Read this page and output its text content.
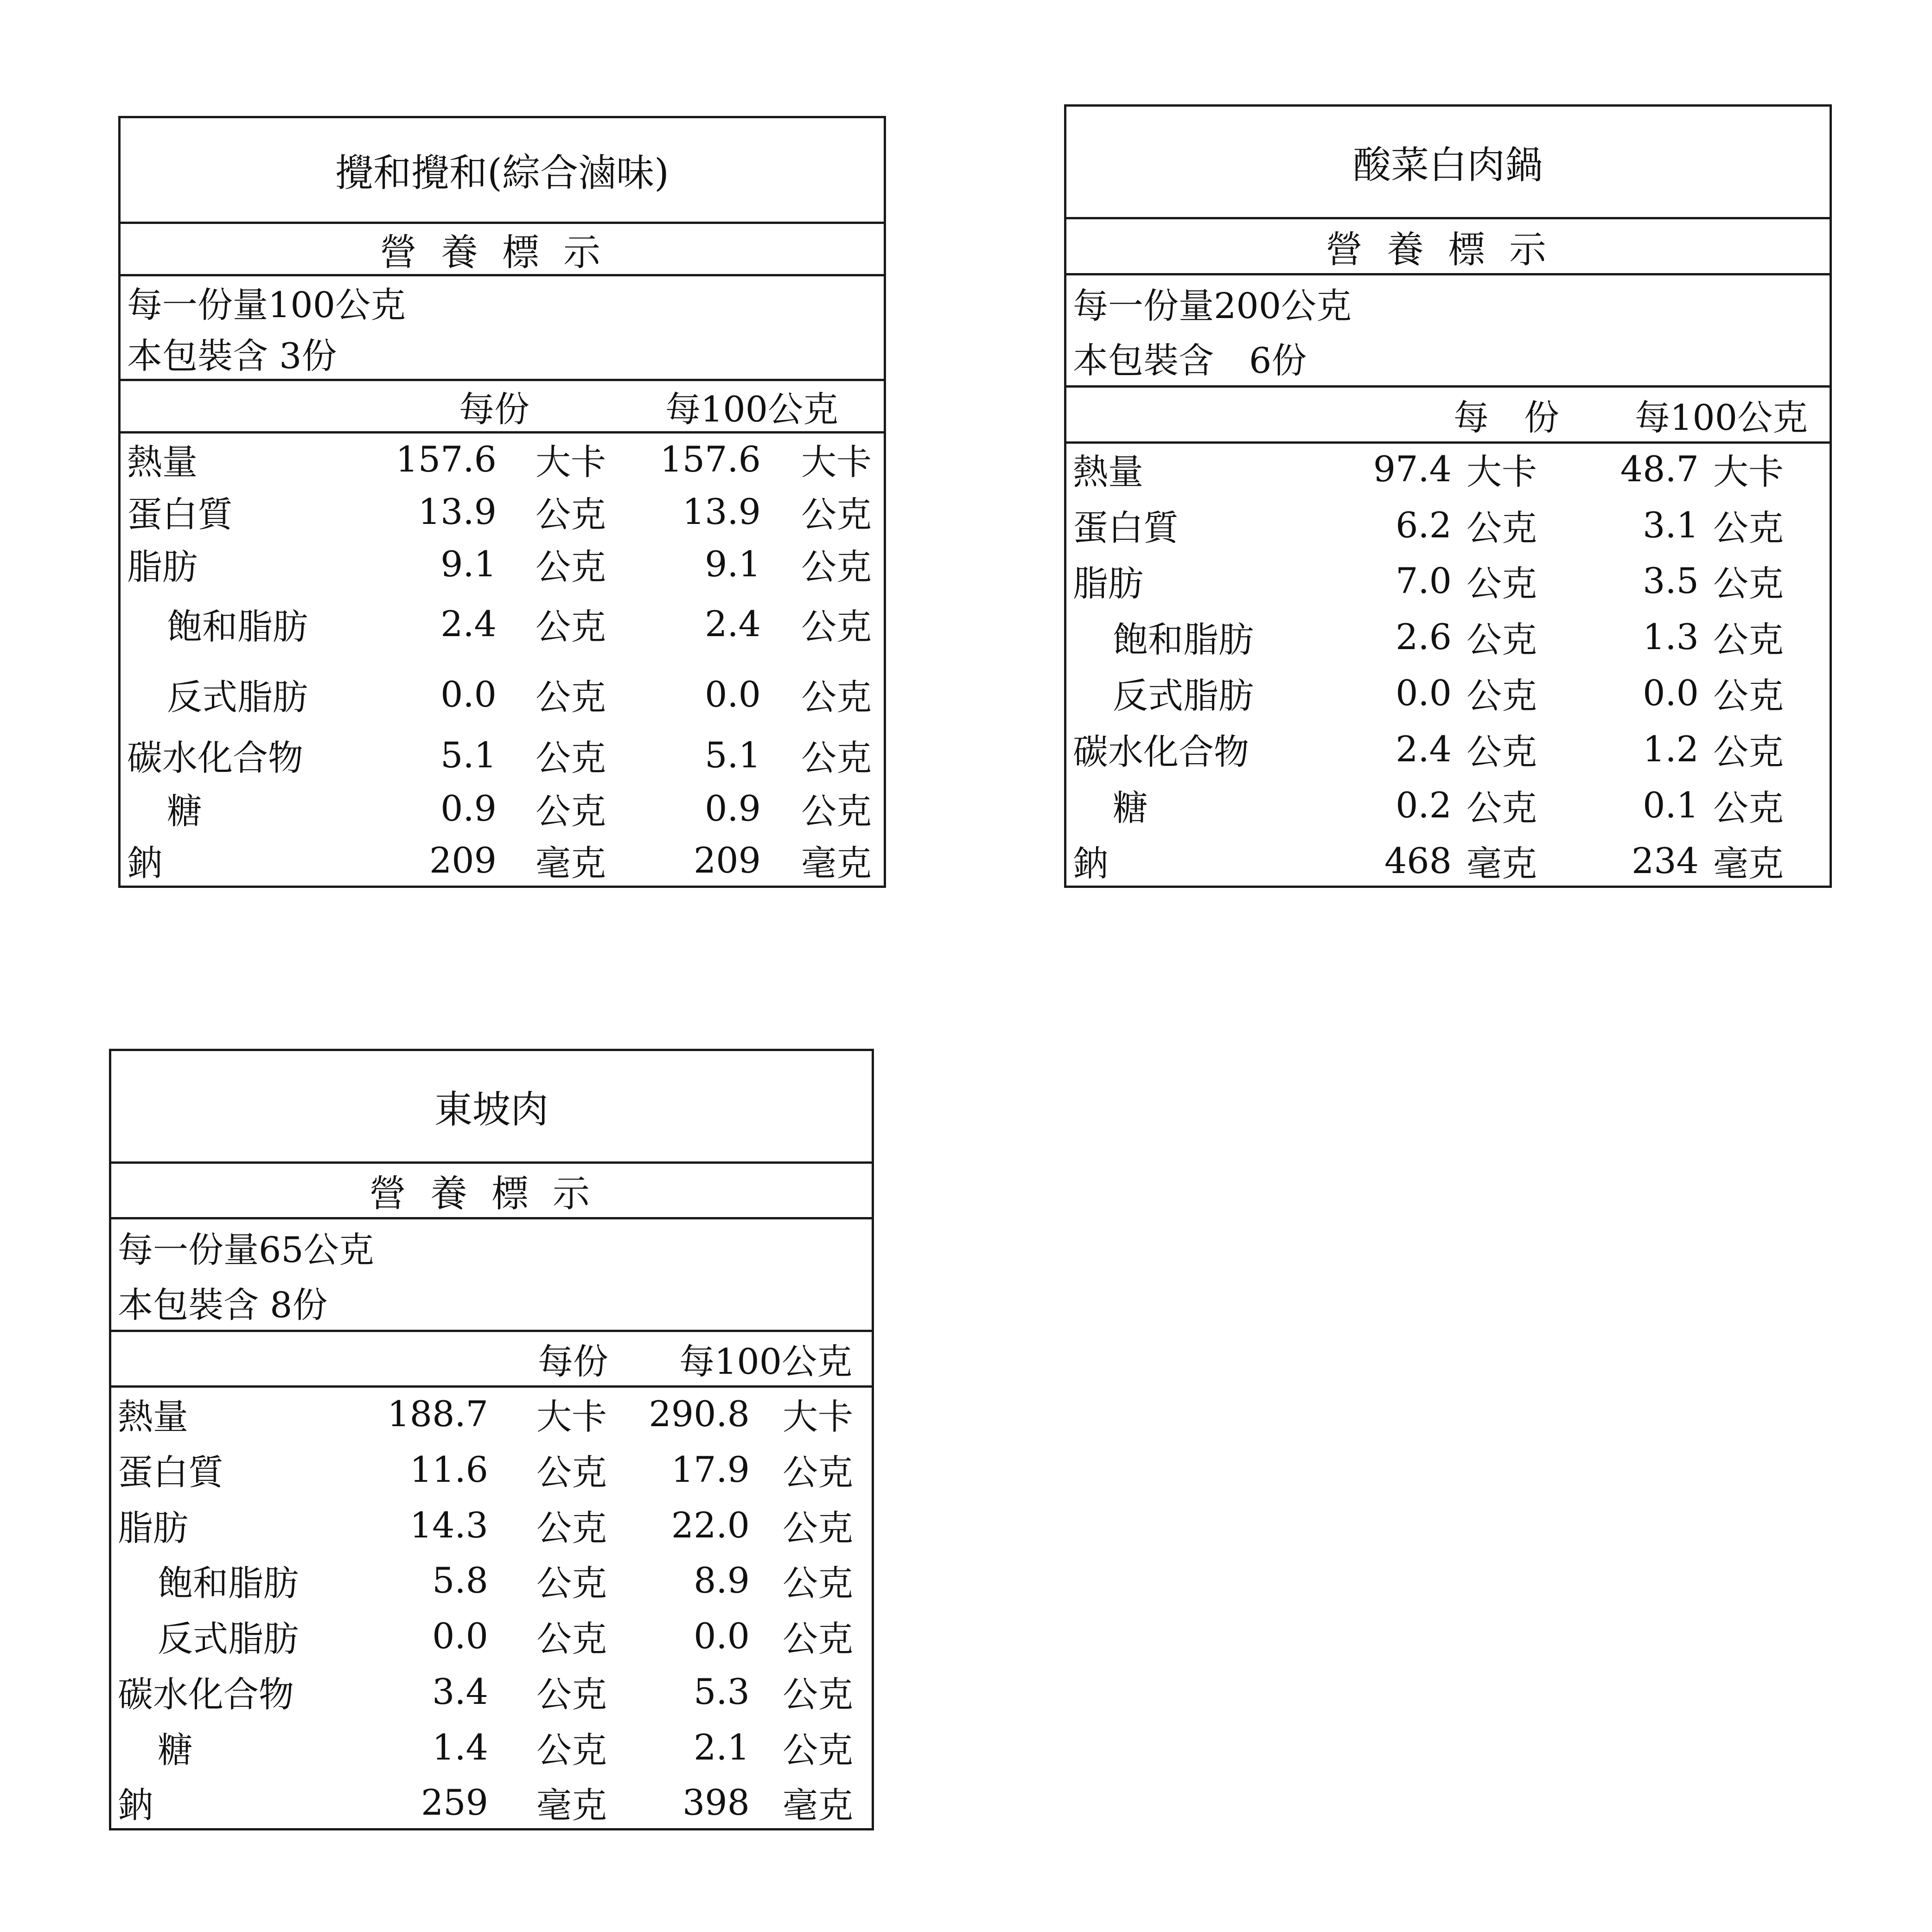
攪和攪和(綜合滷味)
營養標示
每一份量100公克
本包裝含 3份
每份	每100公克
熱量	157.6 大卡 157.6 大卡
蛋白質	13.9 公克 13.9 公克
脂肪	9.1 公克	9.1 公克
飽和脂肪	2.4 公克	2.4 公克
反式脂肪	0.0 公克	0.0 公克
碳水化合物	5.1 公克	5.1 公克
糖	0.9 公克	0.9 公克
鈉	209 毫克 209 毫克
酸菜白肉鍋
營養標示
每一份量200公克
本包裝含　6份
每　份 每100公克
熱量	97.4 大卡 48.7 大卡
蛋白質	6.2 公克	3.1 公克
脂肪	7.0 公克	3.5 公克
飽和脂肪	2.6 公克	1.3 公克
反式脂肪	0.0 公克	0.0 公克
碳水化合物	2.4 公克	1.2 公克
糖	0.2 公克	0.1 公克
鈉	468 毫克	234 毫克
東坡肉
營養標示
每一份量65公克
本包裝含 8份
每份 每100公克
熱量	188.7 大卡 290.8 大卡
蛋白質	11.6 公克 17.9 公克
脂肪	14.3 公克 22.0 公克
飽和脂肪	5.8 公克 8.9 公克
反式脂肪	0.0 公克 0.0 公克
碳水化合物	3.4 公克 5.3 公克
糖	1.4 公克 2.1 公克
鈉	259 毫克 398 毫克
